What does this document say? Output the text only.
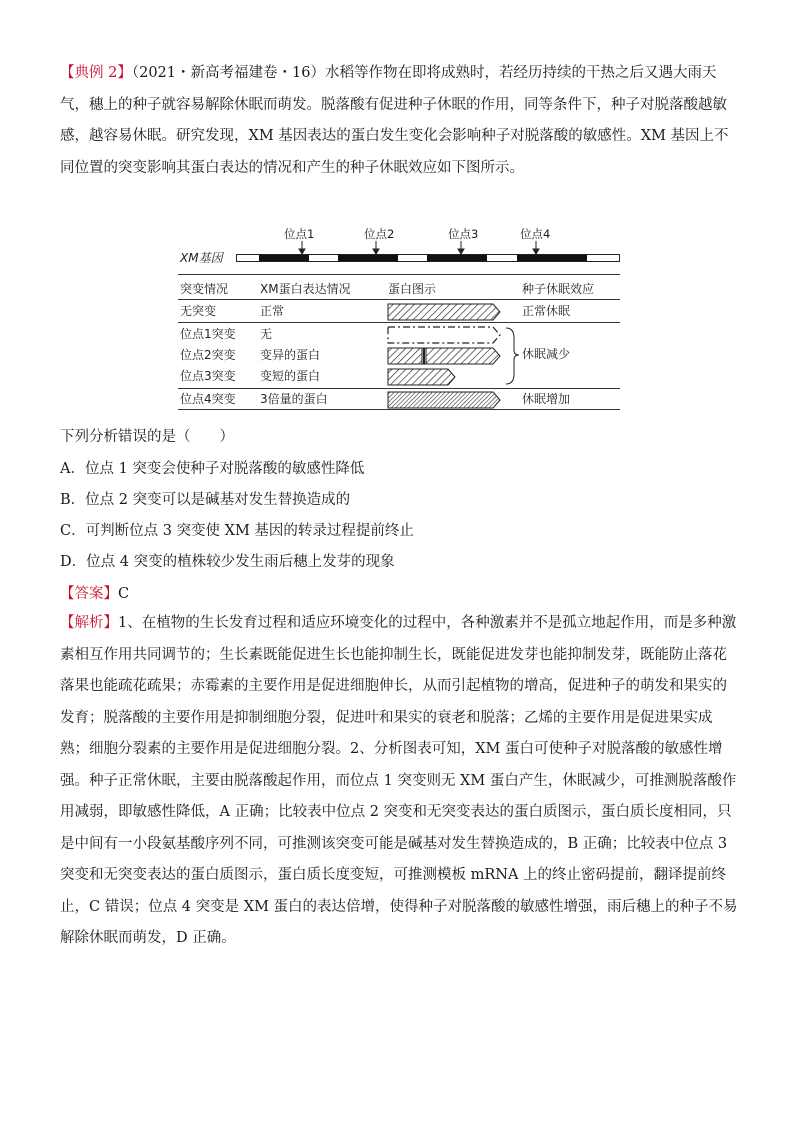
【典例 2】（2021・新高考福建卷・16）水稻等作物在即将成熟时，若经历持续的干热之后又遇大雨天气，穗上的种子就容易解除休眠而萌发。脱落酸有促进种子休眠的作用，同等条件下，种子对脱落酸越敏感，越容易休眠。研究发现，XM 基因表达的蛋白发生变化会影响种子对脱落酸的敏感性。XM 基因上不同位置的突变影响其蛋白表达的情况和产生的种子休眠效应如下图所示。

位点1	位点2	位点3	位点4
XM基因
突变情况	XM蛋白表达情况	蛋白图示	种子休眠效应
无突变	正常	正常休眠
位点1突变 无
位点2突变 变异的蛋白
位点3突变 变短的蛋白
休眠减少
位点4突变 3倍量的蛋白	休眠增加
下列分析错误的是（　　）
A．位点 1 突变会使种子对脱落酸的敏感性降低
B．位点 2 突变可以是碱基对发生替换造成的
C．可判断位点 3 突变使 XM 基因的转录过程提前终止
D．位点 4 突变的植株较少发生雨后穗上发芽的现象
【答案】C

【解析】1、在植物的生长发育过程和适应环境变化的过程中，各种激素并不是孤立地起作用，而是多种激素相互作用共同调节的；生长素既能促进生长也能抑制生长，既能促进发芽也能抑制发芽，既能防止落花落果也能疏花疏果；赤霉素的主要作用是促进细胞伸长，从而引起植物的增高，促进种子的萌发和果实的发育；脱落酸的主要作用是抑制细胞分裂，促进叶和果实的衰老和脱落；乙烯的主要作用是促进果实成熟；细胞分裂素的主要作用是促进细胞分裂。2、分析图表可知，XM 蛋白可使种子对脱落酸的敏感性增强。种子正常休眠，主要由脱落酸起作用，而位点 1 突变则无 XM 蛋白产生，休眠减少，可推测脱落酸作用减弱，即敏感性降低，A 正确；比较表中位点 2 突变和无突变表达的蛋白质图示，蛋白质长度相同，只是中间有一小段氨基酸序列不同，可推测该突变可能是碱基对发生替换造成的，B 正确；比较表中位点 3 突变和无突变表达的蛋白质图示，蛋白质长度变短，可推测模板 mRNA 上的终止密码提前，翻译提前终止，C 错误；位点 4 突变是 XM 蛋白的表达倍增，使得种子对脱落酸的敏感性增强，雨后穗上的种子不易解除休眠而萌发，D 正确。
